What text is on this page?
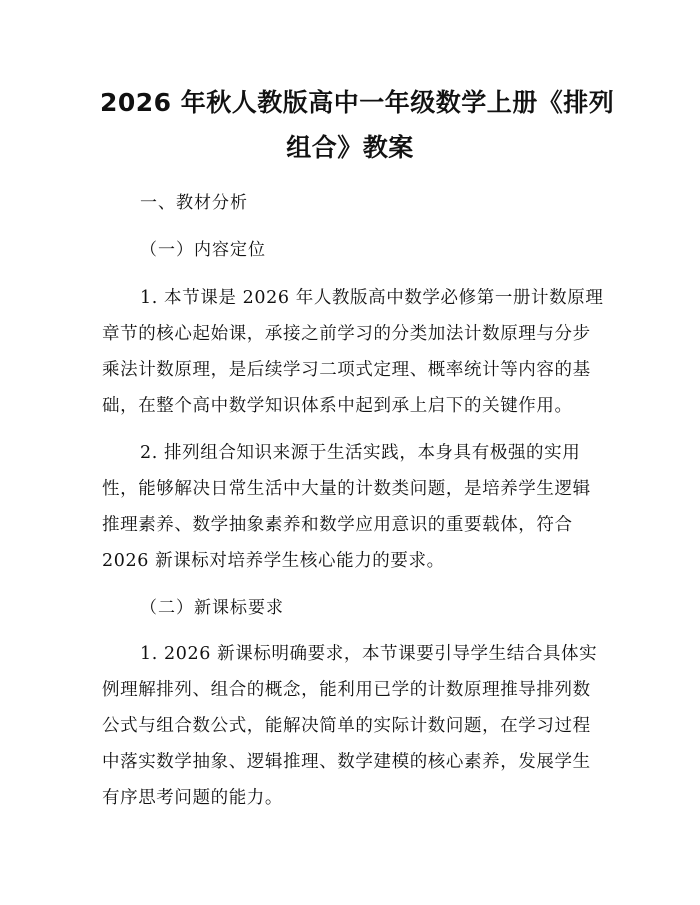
2026 年秋人教版高中一年级数学上册《排列
组合》教案
一、教材分析
（一）内容定位
1. 本节课是 2026 年人教版高中数学必修第一册计数原理
章节的核心起始课，承接之前学习的分类加法计数原理与分步
乘法计数原理，是后续学习二项式定理、概率统计等内容的基
础，在整个高中数学知识体系中起到承上启下的关键作用。
2. 排列组合知识来源于生活实践，本身具有极强的实用
性，能够解决日常生活中大量的计数类问题，是培养学生逻辑
推理素养、数学抽象素养和数学应用意识的重要载体，符合
2026 新课标对培养学生核心能力的要求。
（二）新课标要求
1. 2026 新课标明确要求，本节课要引导学生结合具体实
例理解排列、组合的概念，能利用已学的计数原理推导排列数
公式与组合数公式，能解决简单的实际计数问题，在学习过程
中落实数学抽象、逻辑推理、数学建模的核心素养，发展学生
有序思考问题的能力。
